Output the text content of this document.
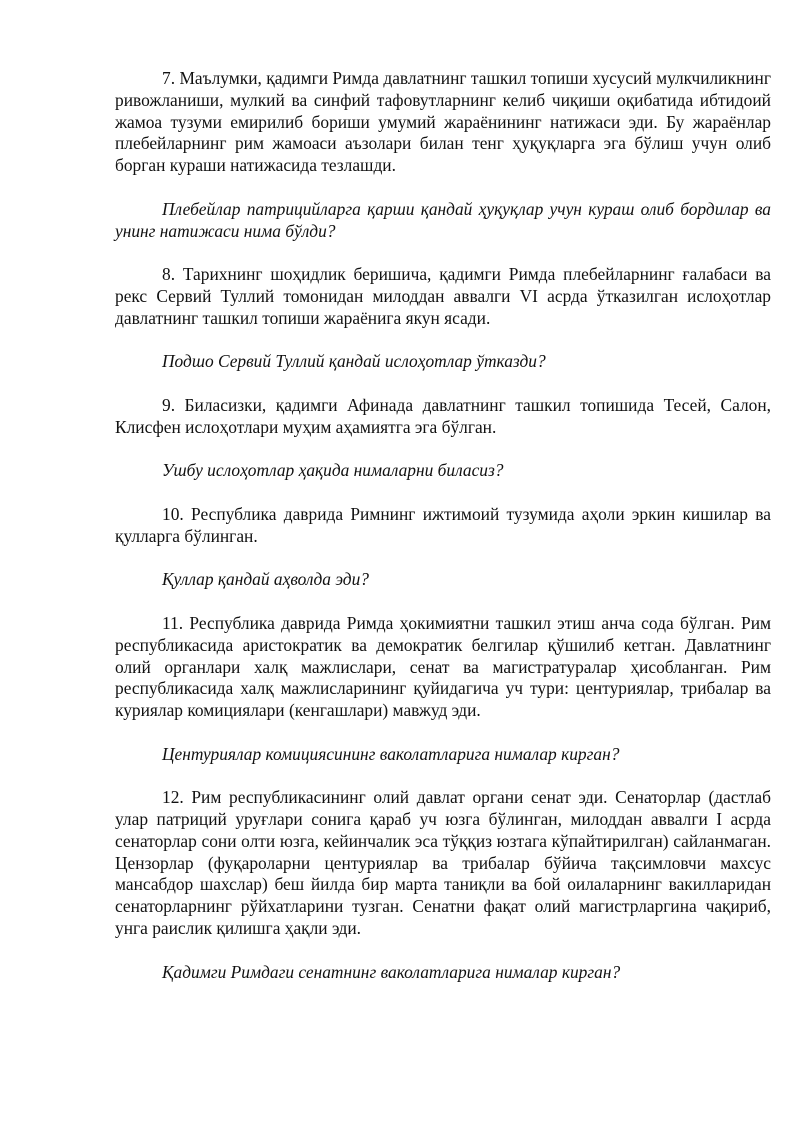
7. Маълумки, қадимги Римда давлатнинг ташкил топиши хусусий мулкчиликнинг ривожланиши, мулкий ва синфий тафовутларнинг келиб чиқиши оқибатида ибтидоий жамоа тузуми емирилиб бориши умумий жараёнининг натижаси эди. Бу жараёнлар плебейларнинг рим жамоаси аъзолари билан тенг ҳуқуқларга эга бўлиш учун олиб борган кураши натижасида тезлашди.

Плебейлар патрицийларга қарши қандай ҳуқуқлар учун кураш олиб бордилар ва унинг натижаси нима бўлди?

8. Тарихнинг шоҳидлик беришича, қадимги Римда плебейларнинг ғалабаси ва рекс Сервий Туллий томонидан милоддан аввалги VI асрда ўтказилган ислоҳотлар давлатнинг ташкил топиши жараёнига якун ясади.

Подшо Сервий Туллий қандай ислоҳотлар ўтказди?

9. Биласизки, қадимги Афинада давлатнинг ташкил топишида Тесей, Салон, Клисфен ислоҳотлари муҳим аҳамиятга эга бўлган.

Ушбу ислоҳотлар ҳақида нималарни биласиз?

10. Республика даврида Римнинг ижтимоий тузумида аҳоли эркин кишилар ва қулларга бўлинган.

Қуллар қандай аҳволда эди?

11. Республика даврида Римда ҳокимиятни ташкил этиш анча сода бўлган. Рим республикасида аристократик ва демократик белгилар қўшилиб кетган. Давлатнинг олий органлари халқ мажлислари, сенат ва магистратуралар ҳисобланган. Рим республикасида халқ мажлисларининг қуйидагича уч тури: центуриялар, трибалар ва куриялар комициялари (кенгашлари) мавжуд эди.

Центуриялар комициясининг ваколатларига нималар кирган?

12. Рим республикасининг олий давлат органи сенат эди. Сенаторлар (дастлаб улар патриций уруғлари сонига қараб уч юзга бўлинган, милоддан аввалги I асрда сенаторлар сони олти юзга, кейинчалик эса тўққиз юзтага кўпайтирилган) сайланмаган. Цензорлар (фуқароларни центуриялар ва трибалар бўйича тақсимловчи махсус мансабдор шахслар) беш йилда бир марта таниқли ва бой оилаларнинг вакилларидан сенаторларнинг рўйхатларини тузган. Сенатни фақат олий магистрларгина чақириб, унга раислик қилишга ҳақли эди.

Қадимги Римдаги сенатнинг ваколатларига нималар кирган?
